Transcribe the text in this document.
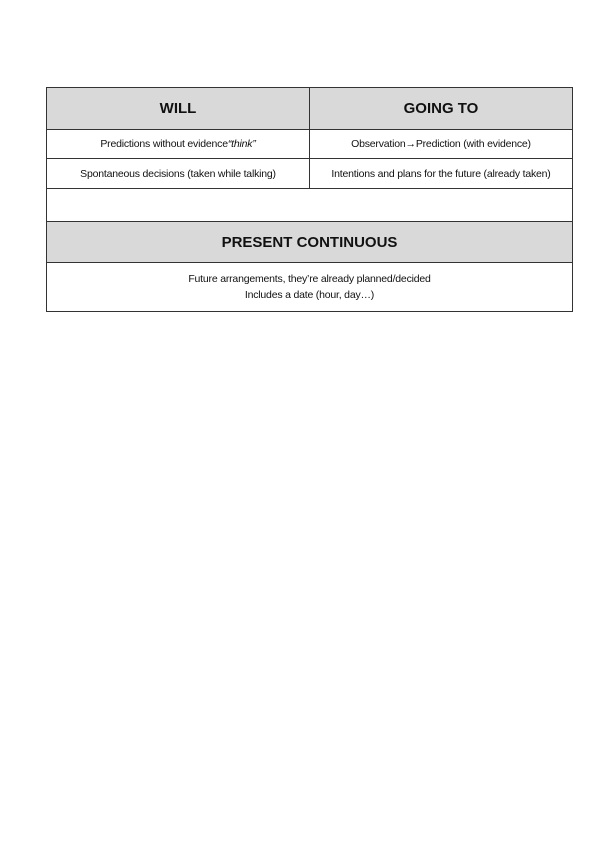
WILL	GOING TO
Predictions without evidence “think”	Observation→Prediction (with evidence)
Spontaneous decisions (taken while talking)	Intentions and plans for the future (already taken)
PRESENT CONTINUOUS
Future arrangements, they’re already planned/decided
Includes a date (hour, day…)
